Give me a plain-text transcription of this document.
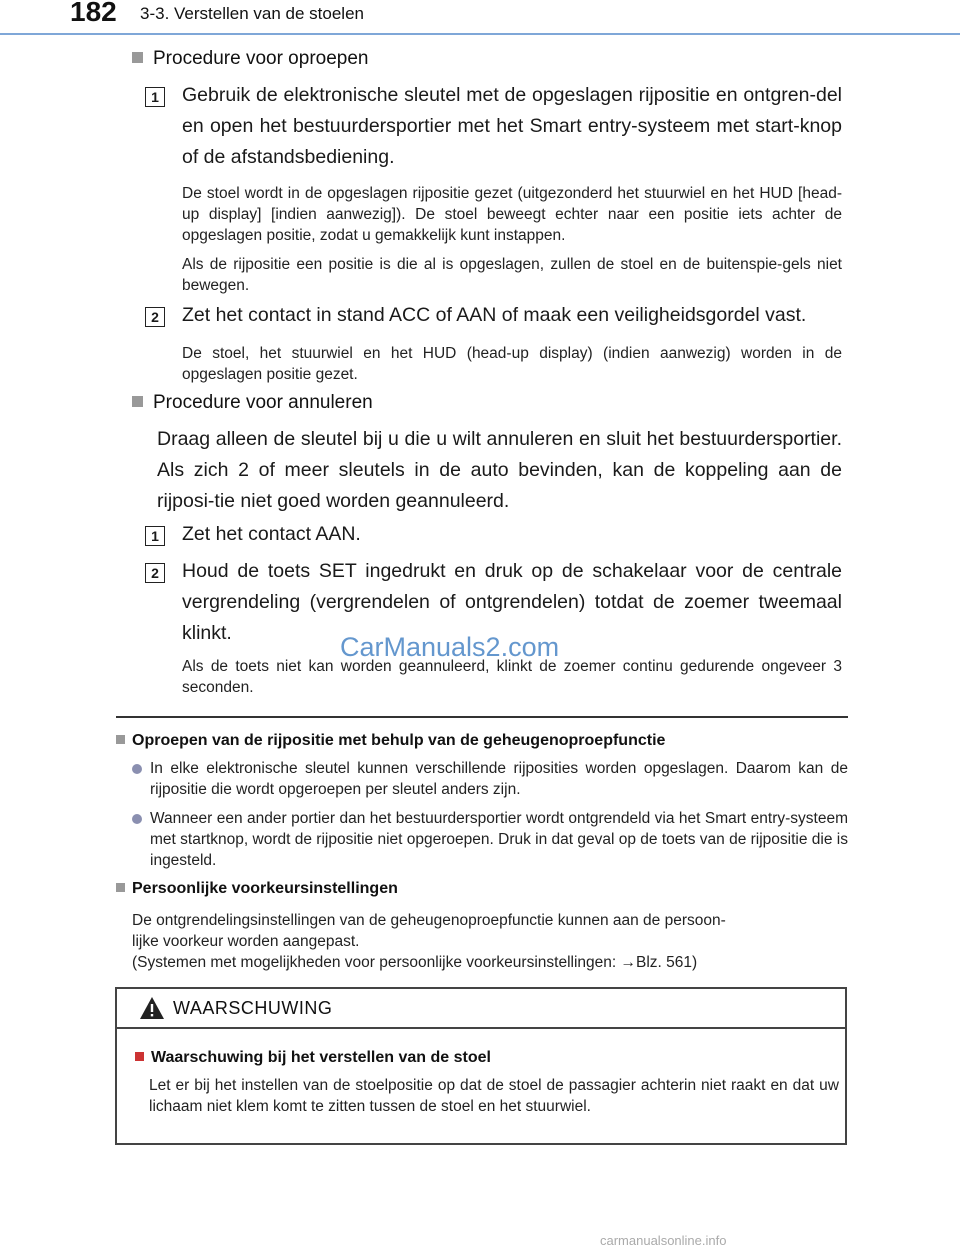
182 3-3. Verstellen van de stoelen
Procedure voor oproepen
1	Gebruik de elektronische sleutel met de opgeslagen rijpositie en ontgren-del en open het bestuurdersportier met het Smart entry-systeem met start-knop of de afstandsbediening.
De stoel wordt in de opgeslagen rijpositie gezet (uitgezonderd het stuurwiel en het HUD [head-up display] [indien aanwezig]). De stoel beweegt echter naar een positie iets achter de opgeslagen positie, zodat u gemakkelijk kunt instappen.
Als de rijpositie een positie is die al is opgeslagen, zullen de stoel en de buitenspie-gels niet bewegen.
2	Zet het contact in stand ACC of AAN of maak een veiligheidsgordel vast.
De stoel, het stuurwiel en het HUD (head-up display) (indien aanwezig) worden in de opgeslagen positie gezet.
Procedure voor annuleren
Draag alleen de sleutel bij u die u wilt annuleren en sluit het bestuurdersportier. Als zich 2 of meer sleutels in de auto bevinden, kan de koppeling aan de rijposi-tie niet goed worden geannuleerd.
1	Zet het contact AAN.
2	Houd de toets SET ingedrukt en druk op de schakelaar voor de centrale vergrendeling (vergrendelen of ontgrendelen) totdat de zoemer tweemaal klinkt.
Als de toets niet kan worden geannuleerd, klinkt de zoemer continu gedurende ongeveer 3 seconden.
CarManuals2.com
Oproepen van de rijpositie met behulp van de geheugenoproepfunctie
In elke elektronische sleutel kunnen verschillende rijposities worden opgeslagen. Daarom kan de rijpositie die wordt opgeroepen per sleutel anders zijn.
Wanneer een ander portier dan het bestuurdersportier wordt ontgrendeld via het Smart entry-systeem met startknop, wordt de rijpositie niet opgeroepen. Druk in dat geval op de toets van de rijpositie die is ingesteld.
Persoonlijke voorkeursinstellingen
De ontgrendelingsinstellingen van de geheugenoproepfunctie kunnen aan de persoon-
lijke voorkeur worden aangepast.
(Systemen met mogelijkheden voor persoonlijke voorkeursinstellingen: →Blz. 561)
WAARSCHUWING
Waarschuwing bij het verstellen van de stoel
Let er bij het instellen van de stoelpositie op dat de stoel de passagier achterin niet raakt en dat uw lichaam niet klem komt te zitten tussen de stoel en het stuurwiel.
carmanualsonline.info
